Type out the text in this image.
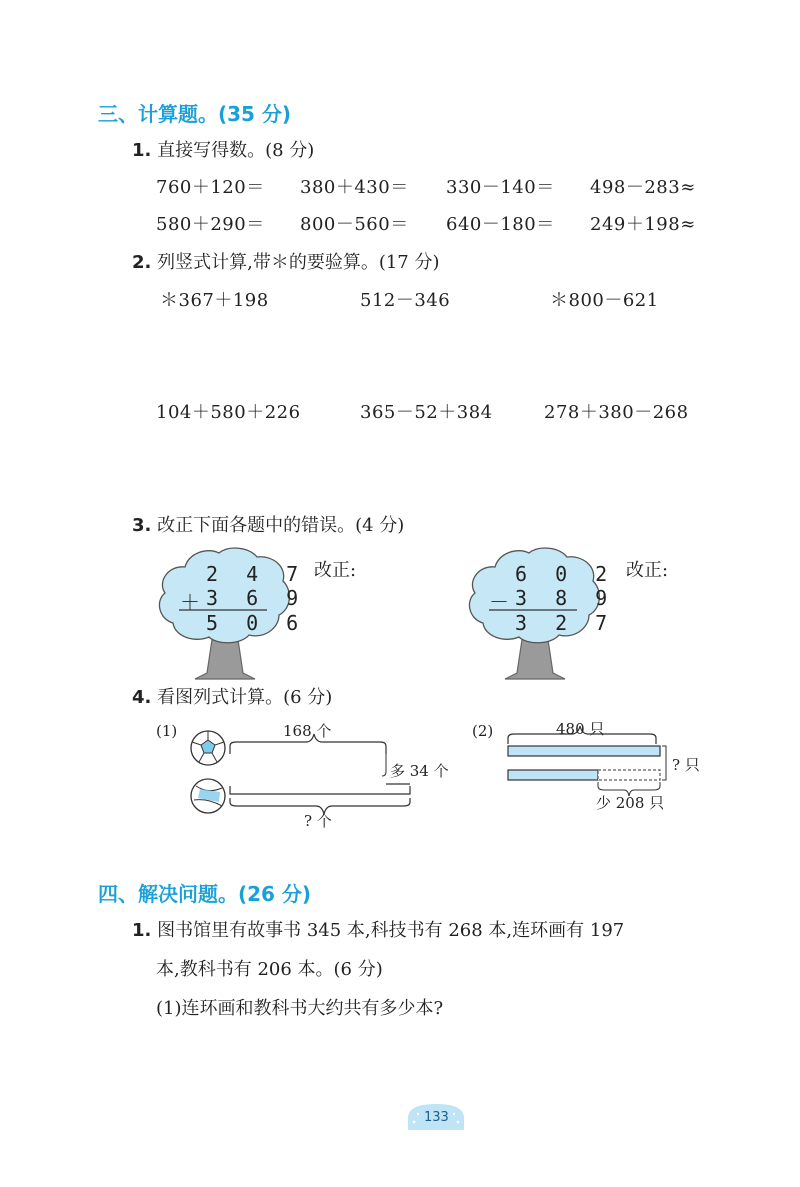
三、计算题。(35 分)
1. 直接写得数。(8 分)
760＋120＝ 380＋430＝ 330－140＝ 498－283≈
580＋290＝ 800－560＝ 640－180＝ 249＋198≈
2. 列竖式计算,带＊的要验算。(17 分)
＊367＋198	512－346	＊800－621
104＋580＋226	365－52＋384	278＋380－268
3. 改正下面各题中的错误。(4 分)
2 4 7
＋
3 6 9
5 0 6
改正:	6 0 2
－
3 8 9
3 2 7
改正:
4. 看图列式计算。(6 分)
(1)	168 个
多 34 个
? 个
(2)	480 只
? 只
少 208 只
四、解决问题。(26 分)
1. 图书馆里有故事书 345 本,科技书有 268 本,连环画有 197
本,教科书有 206 本。(6 分)
(1)连环画和教科书大约共有多少本?
133
